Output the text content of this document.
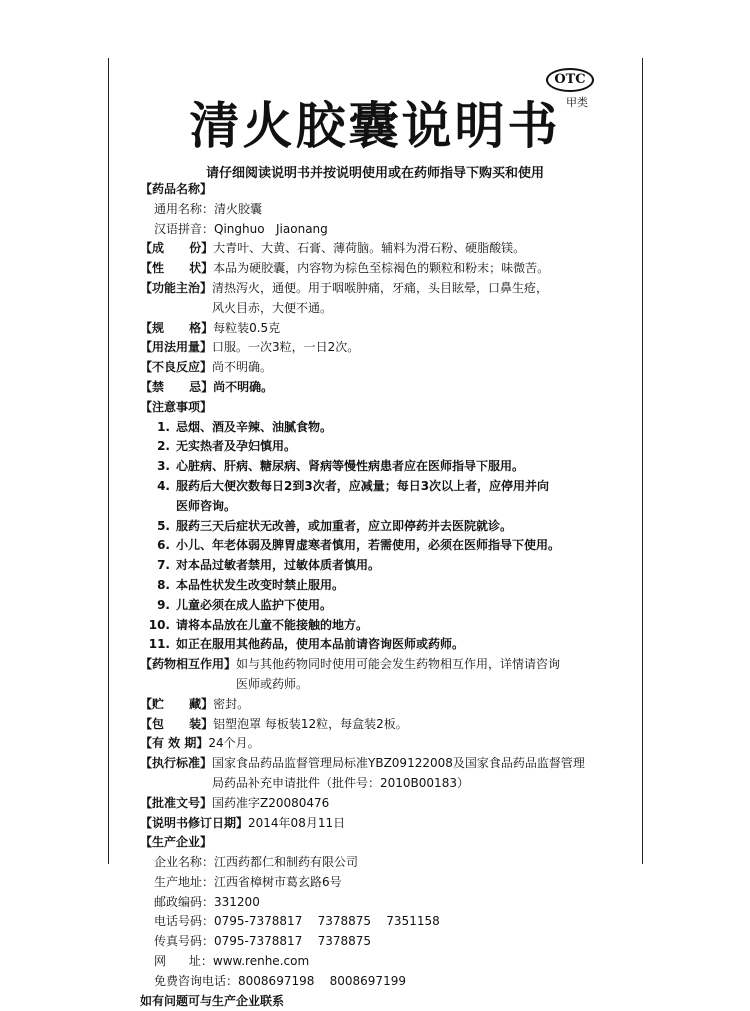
OTC
甲类
清火胶囊说明书
请仔细阅读说明书并按说明使用或在药师指导下购买和使用
【药品名称】
通用名称： 清火胶囊
汉语拼音： Qinghuo   Jiaonang
【成      份】 大青叶、大黄、石膏、薄荷脑。辅料为滑石粉、硬脂酸镁。
【性      状】 本品为硬胶囊，内容物为棕色至棕褐色的颗粒和粉末；味微苦。
【功能主治】 清热泻火，通便。用于咽喉肿痛，牙痛，头目眩晕，口鼻生疮，
风火目赤，大便不通。
【规      格】 每粒装0.5克
【用法用量】 口服。一次3粒，一日2次。
【不良反应】 尚不明确。
【禁      忌】 尚不明确。
【注意事项】
1. 忌烟、酒及辛辣、油腻食物。
2. 无实热者及孕妇慎用。
3. 心脏病、肝病、糖尿病、肾病等慢性病患者应在医师指导下服用。
4. 服药后大便次数每日2到3次者，应减量；每日3次以上者，应停用并向
医师咨询。
5. 服药三天后症状无改善，或加重者，应立即停药并去医院就诊。
6. 小儿、年老体弱及脾胃虚寒者慎用，若需使用，必须在医师指导下使用。
7. 对本品过敏者禁用，过敏体质者慎用。
8. 本品性状发生改变时禁止服用。
9. 儿童必须在成人监护下使用。
10. 请将本品放在儿童不能接触的地方。
11. 如正在服用其他药品，使用本品前请咨询医师或药师。
【药物相互作用】 如与其他药物同时使用可能会发生药物相互作用，详情请咨询
医师或药师。
【贮      藏】 密封。
【包      装】 铝塑泡罩 每板装12粒，每盒装2板。
【有 效 期】 24个月。
【执行标准】 国家食品药品监督管理局标准YBZ09122008及国家食品药品监督管理
局药品补充申请批件（批件号：2010B00183）
【批准文号】 国药准字Z20080476
【说明书修订日期】 2014年08月11日
【生产企业】
企业名称： 江西药都仁和制药有限公司
生产地址： 江西省樟树市葛玄路6号
邮政编码： 331200
电话号码： 0795-7378817    7378875    7351158
传真号码： 0795-7378817    7378875
网      址： www.renhe.com
免费咨询电话： 8008697198    8008697199
如有问题可与生产企业联系
